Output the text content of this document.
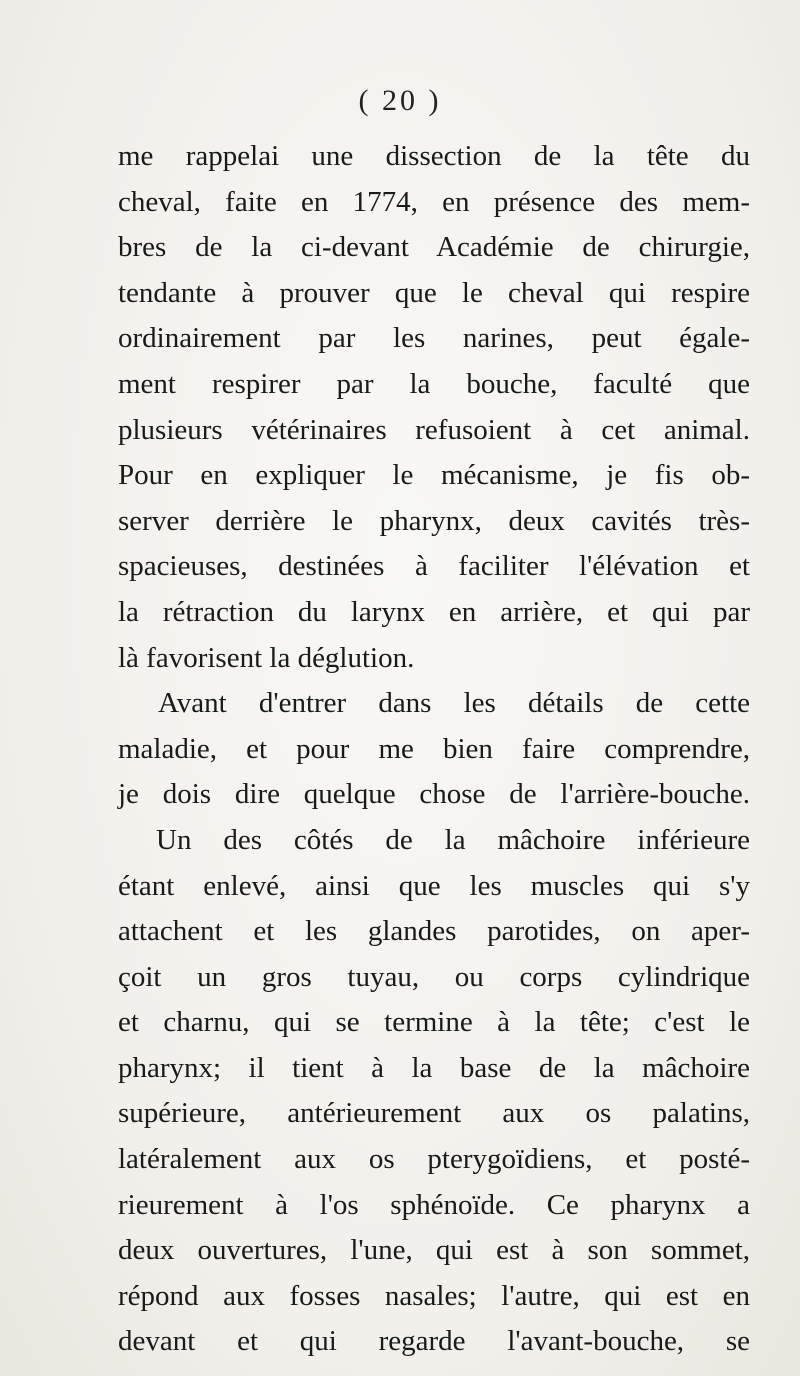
( 20 )
me rappelai une dissection de la tête du
cheval, faite en 1774, en présence des mem-
bres de la ci-devant Académie de chirurgie,
tendante à prouver que le cheval qui respire
ordinairement par les narines, peut égale-
ment respirer par la bouche, faculté que
plusieurs vétérinaires refusoient à cet animal.
Pour en expliquer le mécanisme, je fis ob-
server derrière le pharynx, deux cavités très-
spacieuses, destinées à faciliter l'élévation et
la rétraction du larynx en arrière, et qui par
là favorisent la déglution.
Avant d'entrer dans les détails de cette
maladie, et pour me bien faire comprendre,
je dois dire quelque chose de l'arrière-bouche.
Un des côtés de la mâchoire inférieure
étant enlevé, ainsi que les muscles qui s'y
attachent et les glandes parotides, on aper-
çoit un gros tuyau, ou corps cylindrique
et charnu, qui se termine à la tête; c'est le
pharynx; il tient à la base de la mâchoire
supérieure, antérieurement aux os palatins,
latéralement aux os pterygoïdiens, et posté-
rieurement à l'os sphénoïde. Ce pharynx a
deux ouvertures, l'une, qui est à son sommet,
répond aux fosses nasales; l'autre, qui est en
devant et qui regarde l'avant-bouche, se
